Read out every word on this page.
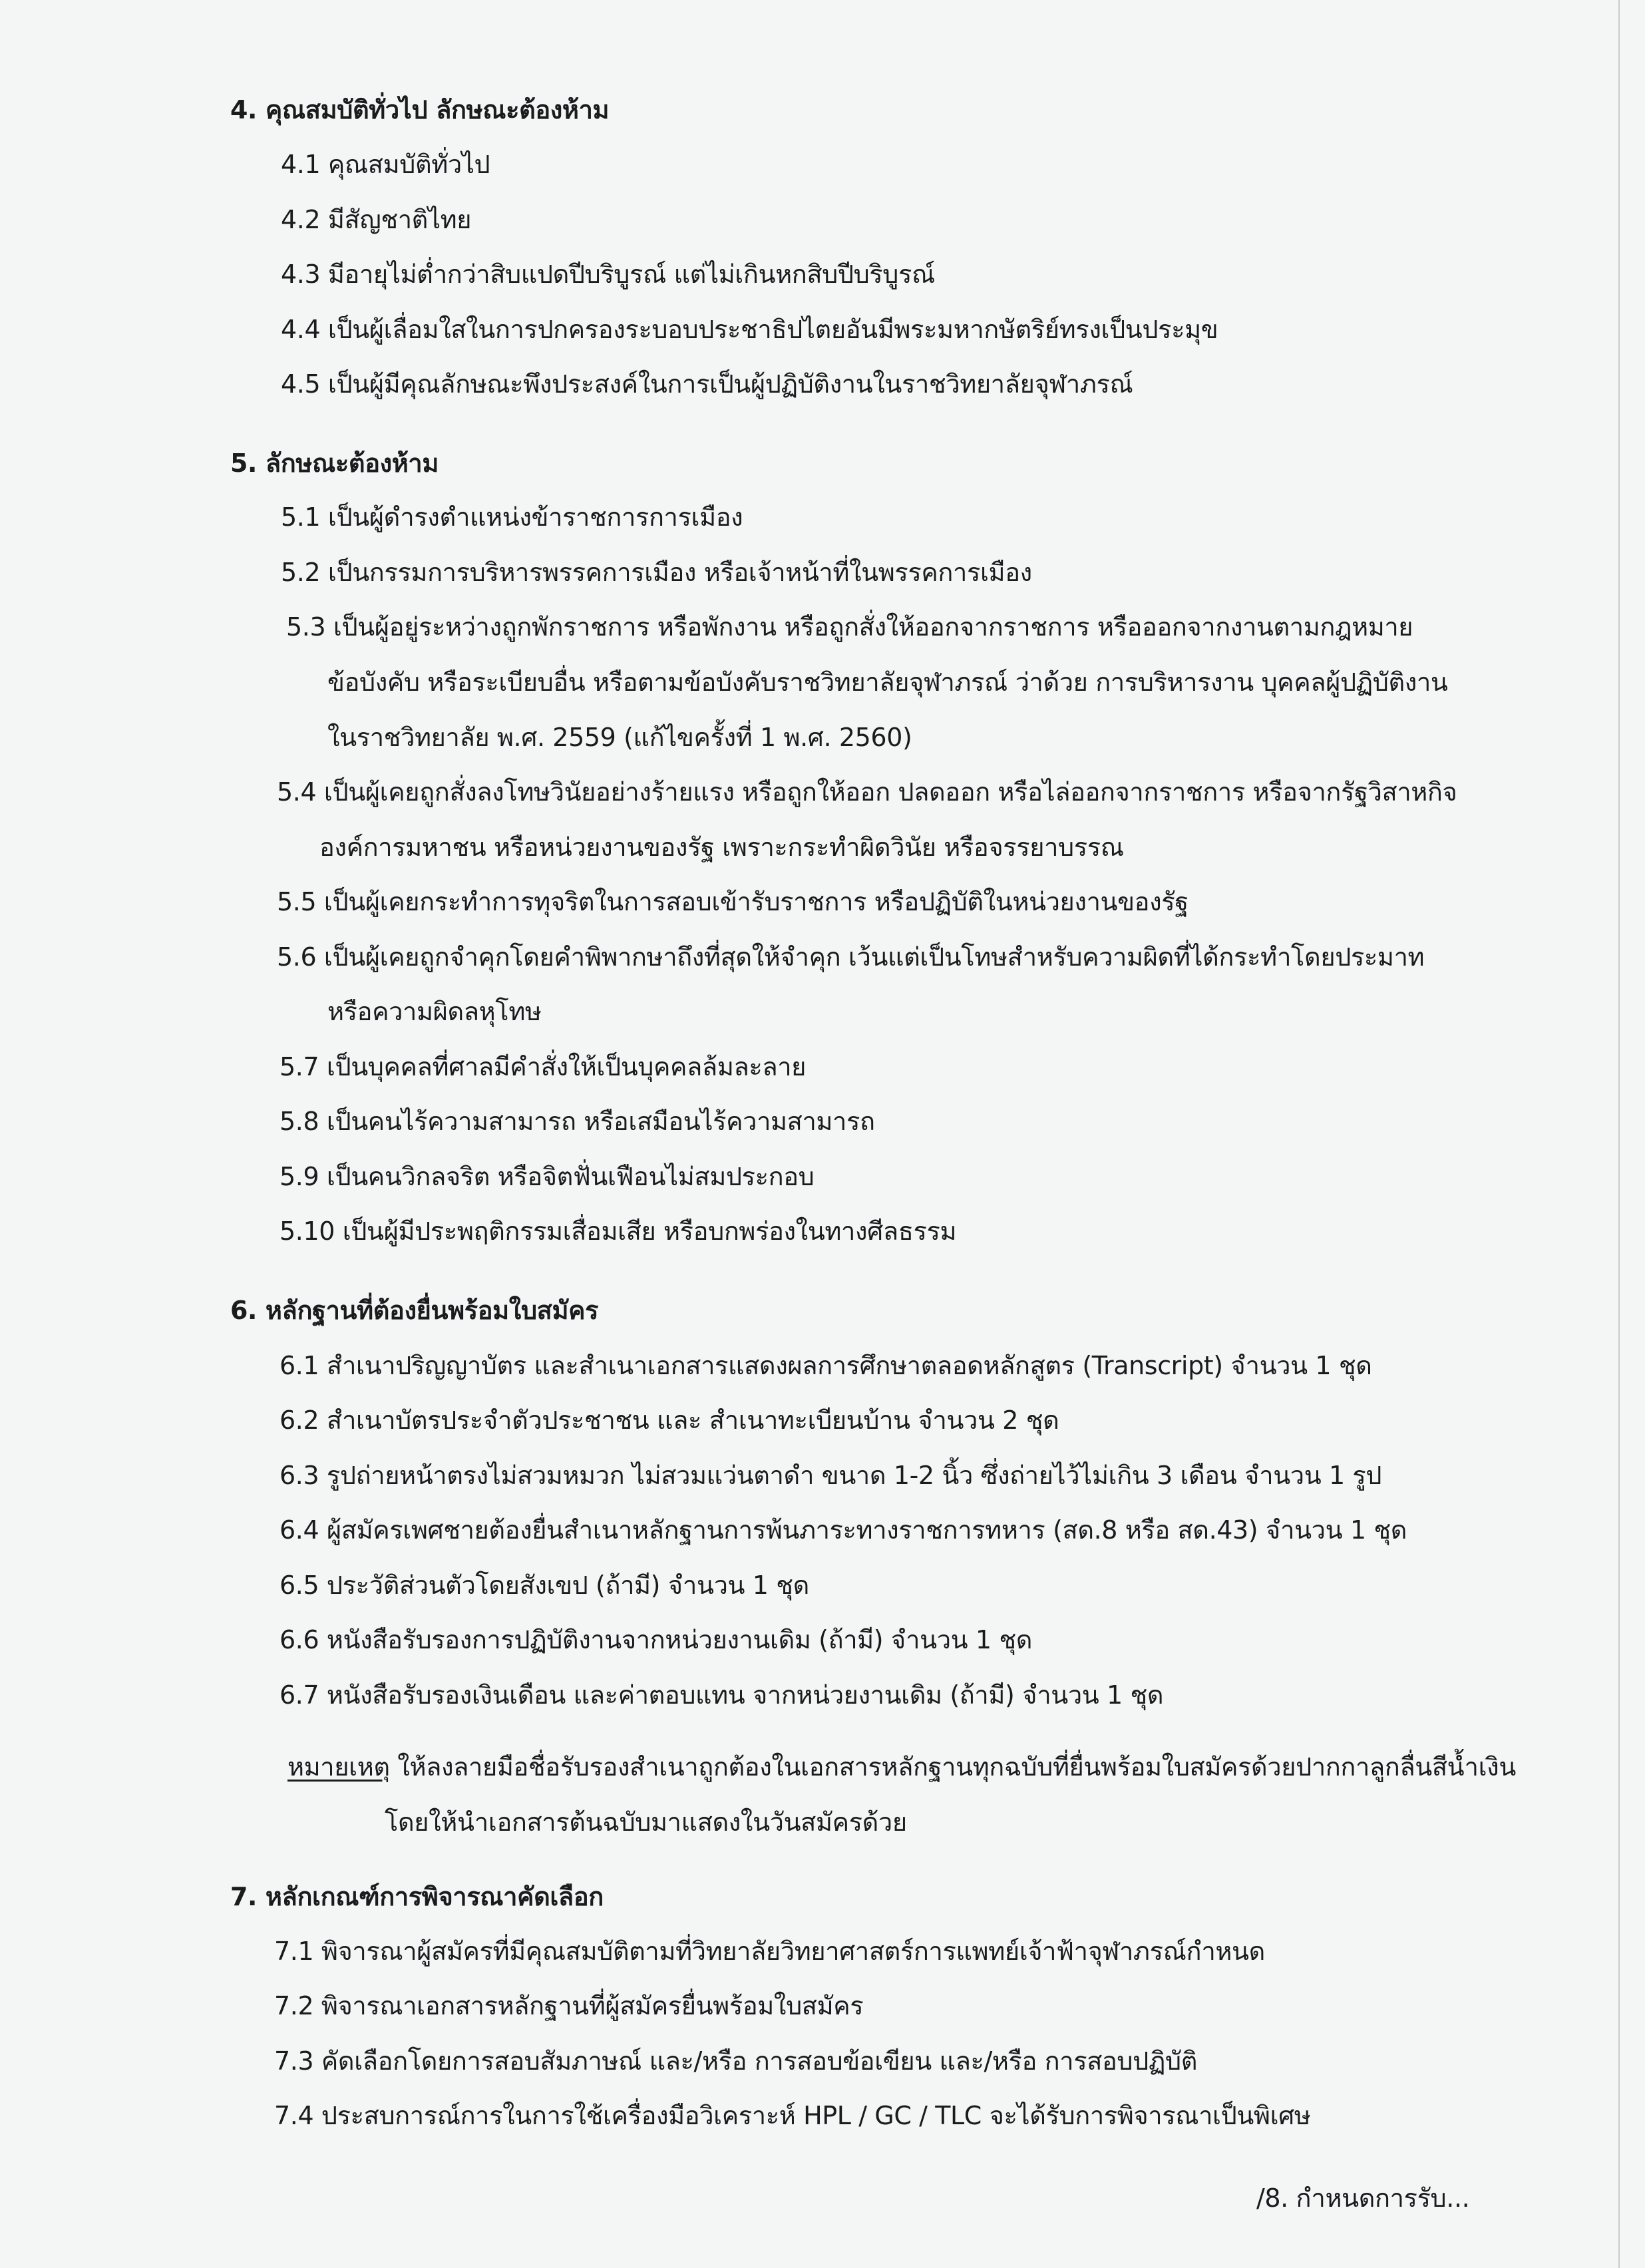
4. คุณสมบัติทั่วไป ลักษณะต้องห้าม
4.1 คุณสมบัติทั่วไป
4.2 มีสัญชาติไทย
4.3 มีอายุไม่ต่ำกว่าสิบแปดปีบริบูรณ์ แต่ไม่เกินหกสิบปีบริบูรณ์
4.4 เป็นผู้เลื่อมใสในการปกครองระบอบประชาธิปไตยอันมีพระมหากษัตริย์ทรงเป็นประมุข
4.5 เป็นผู้มีคุณลักษณะพึงประสงค์ในการเป็นผู้ปฏิบัติงานในราชวิทยาลัยจุฬาภรณ์
5. ลักษณะต้องห้าม
5.1 เป็นผู้ดำรงตำแหน่งข้าราชการการเมือง
5.2 เป็นกรรมการบริหารพรรคการเมือง หรือเจ้าหน้าที่ในพรรคการเมือง
5.3 เป็นผู้อยู่ระหว่างถูกพักราชการ หรือพักงาน หรือถูกสั่งให้ออกจากราชการ หรือออกจากงานตามกฎหมาย
ข้อบังคับ หรือระเบียบอื่น หรือตามข้อบังคับราชวิทยาลัยจุฬาภรณ์ ว่าด้วย การบริหารงาน บุคคลผู้ปฏิบัติงาน
ในราชวิทยาลัย พ.ศ. 2559 (แก้ไขครั้งที่ 1 พ.ศ. 2560)
5.4 เป็นผู้เคยถูกสั่งลงโทษวินัยอย่างร้ายแรง หรือถูกให้ออก ปลดออก หรือไล่ออกจากราชการ หรือจากรัฐวิสาหกิจ
องค์การมหาชน หรือหน่วยงานของรัฐ เพราะกระทำผิดวินัย หรือจรรยาบรรณ
5.5 เป็นผู้เคยกระทำการทุจริตในการสอบเข้ารับราชการ หรือปฏิบัติในหน่วยงานของรัฐ
5.6 เป็นผู้เคยถูกจำคุกโดยคำพิพากษาถึงที่สุดให้จำคุก เว้นแต่เป็นโทษสำหรับความผิดที่ได้กระทำโดยประมาท
หรือความผิดลหุโทษ
5.7 เป็นบุคคลที่ศาลมีคำสั่งให้เป็นบุคคลล้มละลาย
5.8 เป็นคนไร้ความสามารถ หรือเสมือนไร้ความสามารถ
5.9 เป็นคนวิกลจริต หรือจิตฟั่นเฟือนไม่สมประกอบ
5.10 เป็นผู้มีประพฤติกรรมเสื่อมเสีย หรือบกพร่องในทางศีลธรรม
6. หลักฐานที่ต้องยื่นพร้อมใบสมัคร
6.1 สำเนาปริญญาบัตร และสำเนาเอกสารแสดงผลการศึกษาตลอดหลักสูตร (Transcript) จำนวน 1 ชุด
6.2 สำเนาบัตรประจำตัวประชาชน และ สำเนาทะเบียนบ้าน จำนวน 2 ชุด
6.3 รูปถ่ายหน้าตรงไม่สวมหมวก ไม่สวมแว่นตาดำ ขนาด 1-2 นิ้ว ซึ่งถ่ายไว้ไม่เกิน 3 เดือน จำนวน 1 รูป
6.4 ผู้สมัครเพศชายต้องยื่นสำเนาหลักฐานการพ้นภาระทางราชการทหาร (สด.8 หรือ สด.43) จำนวน 1 ชุด
6.5 ประวัติส่วนตัวโดยสังเขป (ถ้ามี) จำนวน 1 ชุด
6.6 หนังสือรับรองการปฏิบัติงานจากหน่วยงานเดิม (ถ้ามี) จำนวน 1 ชุด
6.7 หนังสือรับรองเงินเดือน และค่าตอบแทน จากหน่วยงานเดิม (ถ้ามี) จำนวน 1 ชุด
หมายเหตุ ให้ลงลายมือชื่อรับรองสำเนาถูกต้องในเอกสารหลักฐานทุกฉบับที่ยื่นพร้อมใบสมัครด้วยปากกาลูกลื่นสีน้ำเงิน
โดยให้นำเอกสารต้นฉบับมาแสดงในวันสมัครด้วย
7. หลักเกณฑ์การพิจารณาคัดเลือก
7.1 พิจารณาผู้สมัครที่มีคุณสมบัติตามที่วิทยาลัยวิทยาศาสตร์การแพทย์เจ้าฟ้าจุฬาภรณ์กำหนด
7.2 พิจารณาเอกสารหลักฐานที่ผู้สมัครยื่นพร้อมใบสมัคร
7.3 คัดเลือกโดยการสอบสัมภาษณ์ และ/หรือ การสอบข้อเขียน และ/หรือ การสอบปฏิบัติ
7.4 ประสบการณ์การในการใช้เครื่องมือวิเคราะห์ HPL / GC / TLC จะได้รับการพิจารณาเป็นพิเศษ
/8. กำหนดการรับ...
